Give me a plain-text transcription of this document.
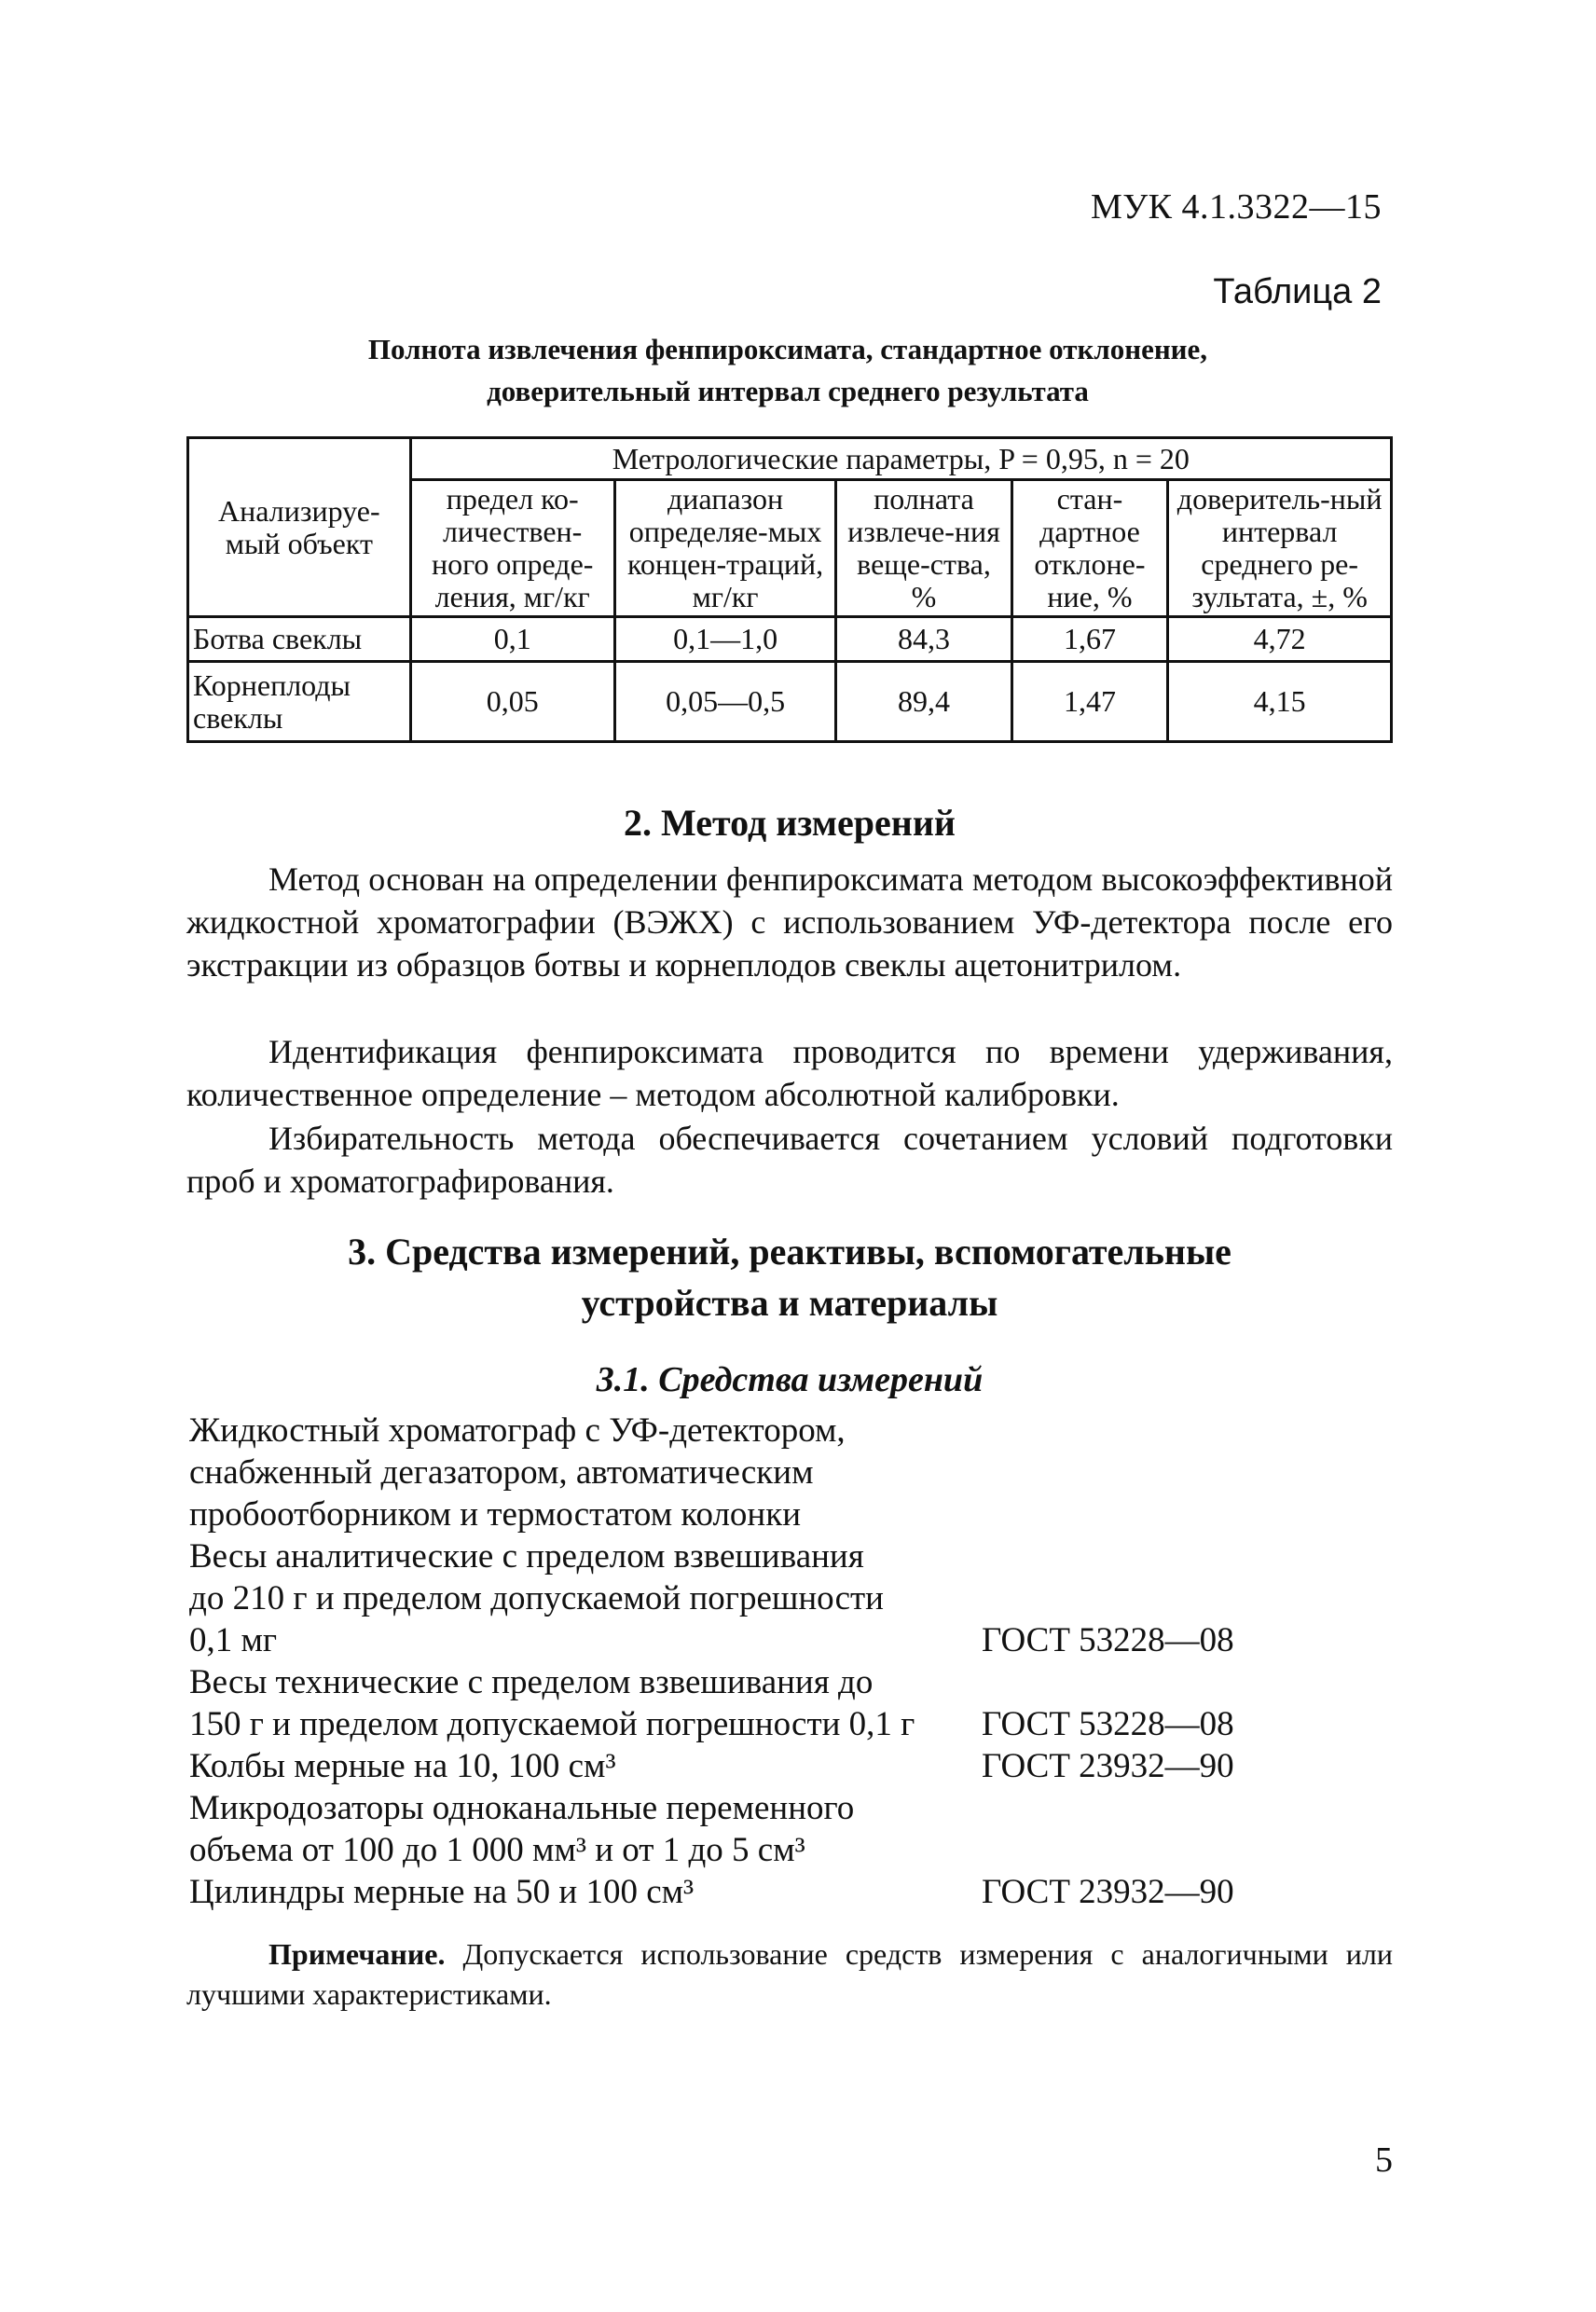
МУК 4.1.3322—15
Таблица 2
Полнота извлечения фенпироксимата, стандартное отклонение,
доверительный интервал среднего результата
Анализируе-мый объект	Метрологические параметры, P = 0,95, n = 20				
	предел ко-личествен-ного опреде-ления, мг/кг	диапазон определяе-мых концен-траций, мг/кг	полната извлече-ния веще-ства, %	стан-дартное отклоне-ние, %	доверитель-ный интервал среднего ре-зультата, ±, %
Ботва свеклы	0,1	0,1—1,0	84,3	1,67	4,72
Корнеплоды свеклы	0,05	0,05—0,5	89,4	1,47	4,15
2. Метод измерений

Метод основан на определении фенпироксимата методом высокоэффективной жидкостной хроматографии (ВЭЖХ) с использованием УФ-детектора после его экстракции из образцов ботвы и корнеплодов свеклы ацетонитрилом.

Идентификация фенпироксимата проводится по времени удерживания, количественное определение – методом абсолютной калибровки.

Избирательность метода обеспечивается сочетанием условий подготовки проб и хроматографирования.

3. Средства измерений, реактивы, вспомогательные
устройства и материалы
3.1. Средства измерений
Жидкостный хроматограф с УФ-детектором,
снабженный дегазатором, автоматическим
пробоотборником и термостатом колонки
Весы аналитические с пределом взвешивания
до 210 г и пределом допускаемой погрешности
0,1 мг	ГОСТ 53228—08
Весы технические с пределом взвешивания до
150 г и пределом допускаемой погрешности 0,1 г	ГОСТ 53228—08
Колбы мерные на 10, 100 см³	ГОСТ 23932—90
Микродозаторы одноканальные переменного
объема от 100 до 1 000 мм³ и от 1 до 5 см³
Цилиндры мерные на 50 и 100 см³	ГОСТ 23932—90

Примечание. Допускается использование средств измерения с аналогичными или лучшими характеристиками.

5
